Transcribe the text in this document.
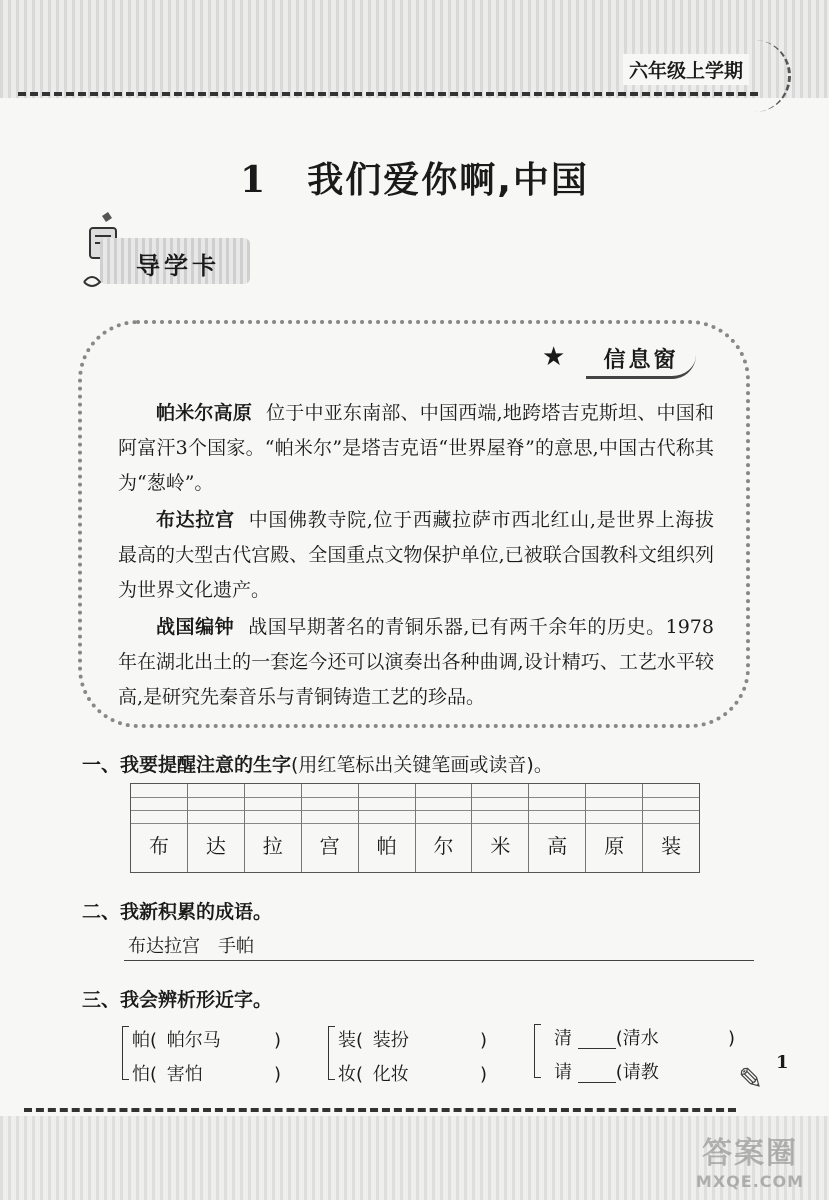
六年级上学期
1 我们爱你啊,中国
导学卡
★	信息窗

帕米尔高原 位于中亚东南部、中国西端,地跨塔吉克斯坦、中国和阿富汗3个国家。“帕米尔”是塔吉克语“世界屋脊”的意思,中国古代称其为“葱岭”。

布达拉宫 中国佛教寺院,位于西藏拉萨市西北红山,是世界上海拔最高的大型古代宫殿、全国重点文物保护单位,已被联合国教科文组织列为世界文化遗产。

战国编钟 战国早期著名的青铜乐器,已有两千余年的历史。1978 年在湖北出土的一套迄今还可以演奏出各种曲调,设计精巧、工艺水平较高,是研究先秦音乐与青铜铸造工艺的珍品。

一、我要提醒注意的生字(用红笔标出关键笔画或读音)。
布	达	拉	宫	帕	尔	米	高	原	装
二、我新积累的成语。
布达拉宫 手帕
三、我会辨析形近字。
帕( 帕尔马	)
怕( 害怕	)
装( 装扮	)
妆( 化妆	)
清 (清水	)
请 (请教	1
✎
答案圈
MXQE.COM
